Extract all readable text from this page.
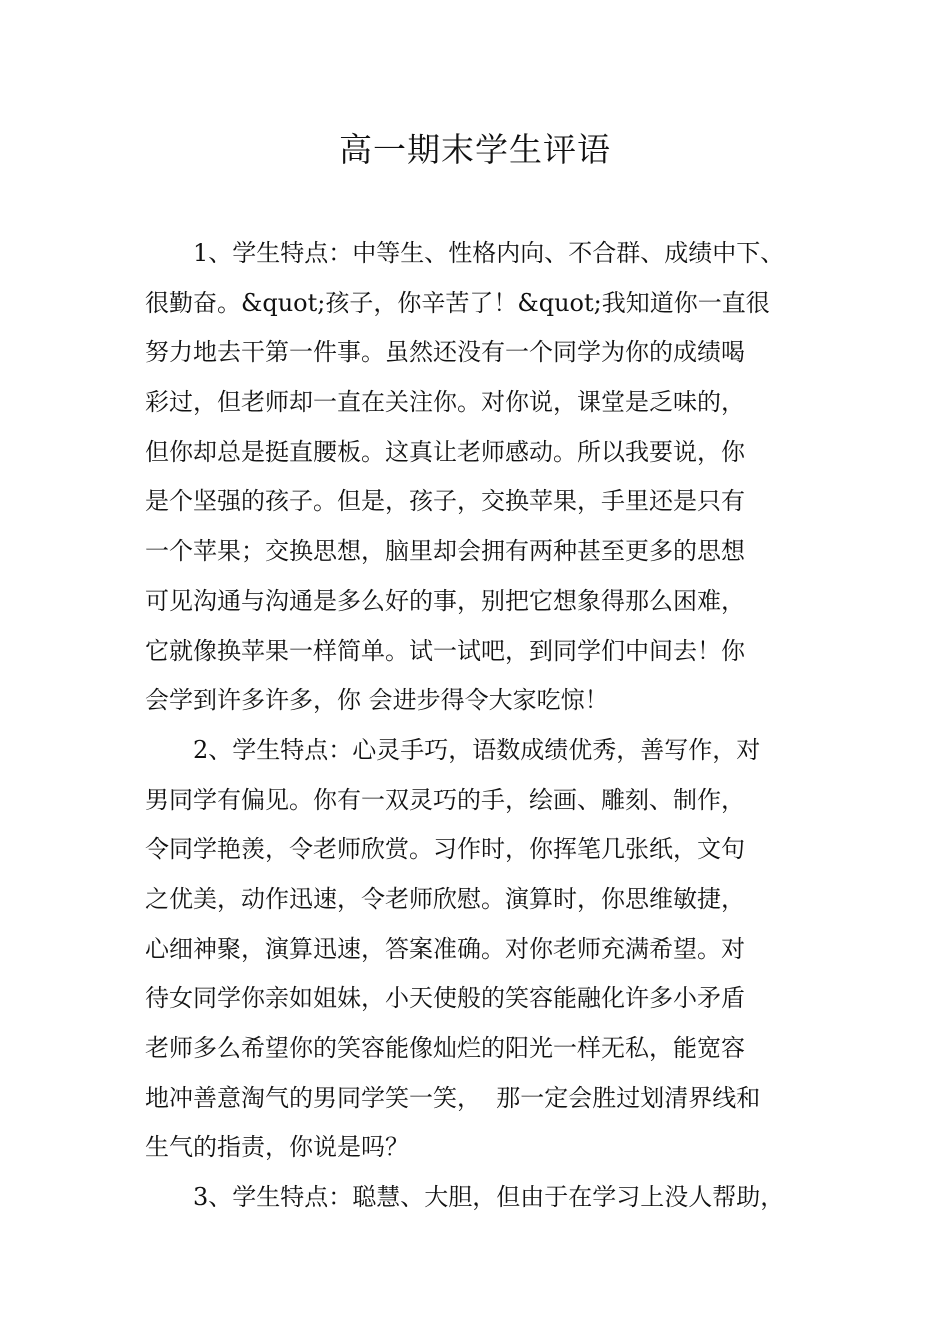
高一期末学生评语
1、学生特点：中等生、性格内向、不合群、成绩中下、
很勤奋。&quot;孩子，你辛苦了！&quot;我知道你一直很
努力地去干第一件事。虽然还没有一个同学为你的成绩喝
彩过，但老师却一直在关注你。对你说，课堂是乏味的，
但你却总是挺直腰板。这真让老师感动。所以我要说，你
是个坚强的孩子。但是，孩子，交换苹果，手里还是只有
一个苹果；交换思想，脑里却会拥有两种甚至更多的思想
可见沟通与沟通是多么好的事，别把它想象得那么困难，
它就像换苹果一样简单。试一试吧，到同学们中间去！你
会学到许多许多，你 会进步得令大家吃惊！
2、学生特点：心灵手巧，语数成绩优秀，善写作，对
男同学有偏见。你有一双灵巧的手，绘画、雕刻、制作，
令同学艳羡，令老师欣赏。习作时，你挥笔几张纸，文句
之优美，动作迅速，令老师欣慰。演算时，你思维敏捷，
心细神聚，演算迅速，答案准确。对你老师充满希望。对
待女同学你亲如姐妹，小天使般的笑容能融化许多小矛盾
老师多么希望你的笑容能像灿烂的阳光一样无私，能宽容
地冲善意淘气的男同学笑一笑，  那一定会胜过划清界线和
生气的指责，你说是吗？
3、学生特点：聪慧、大胆，但由于在学习上没人帮助，
